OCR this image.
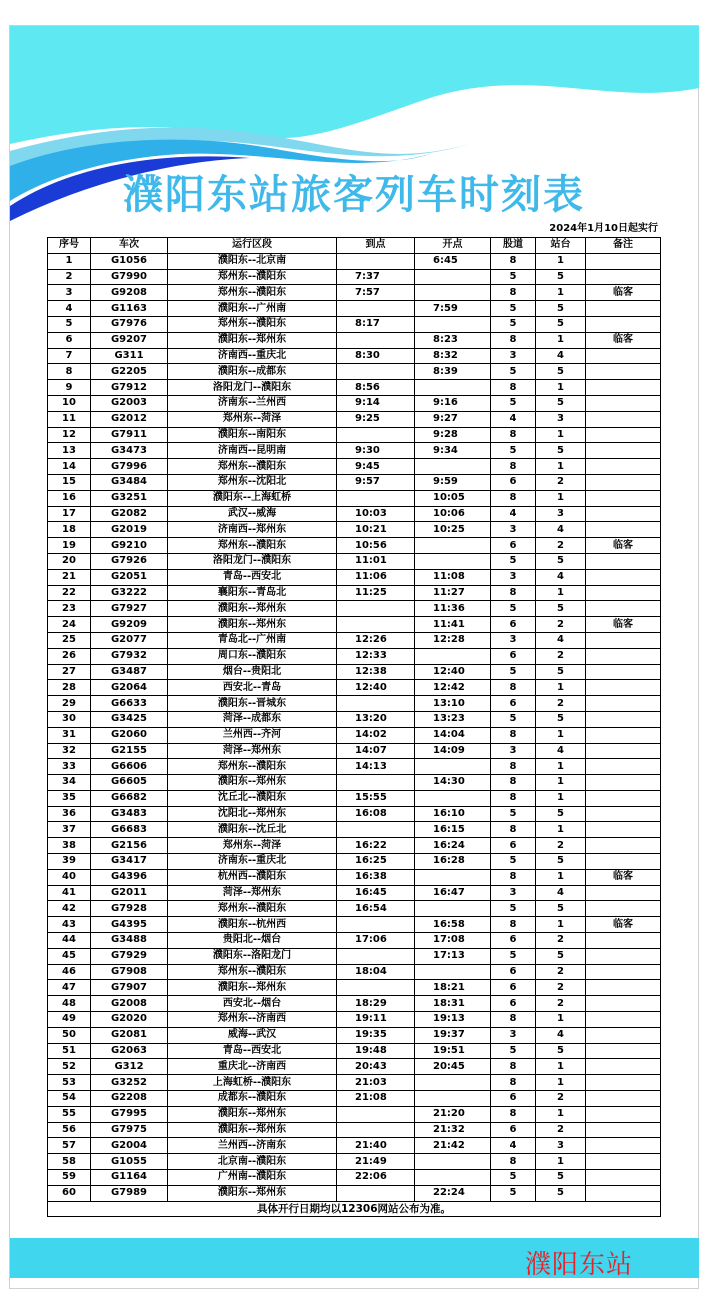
濮阳东站旅客列车时刻表
2024年1月10日起实行
序号	车次	运行区段	到点	开点	股道	站台	备注
1	G1056	濮阳东--北京南		6:45	8	1	
2	G7990	郑州东--濮阳东	7:37		5	5	
3	G9208	郑州东--濮阳东	7:57		8	1	临客
4	G1163	濮阳东--广州南		7:59	5	5	
5	G7976	郑州东--濮阳东	8:17		5	5	
6	G9207	濮阳东--郑州东		8:23	8	1	临客
7	G311	济南西--重庆北	8:30	8:32	3	4	
8	G2205	濮阳东--成都东		8:39	5	5	
9	G7912	洛阳龙门--濮阳东	8:56		8	1	
10	G2003	济南东--兰州西	9:14	9:16	5	5	
11	G2012	郑州东--菏泽	9:25	9:27	4	3	
12	G7911	濮阳东--南阳东		9:28	8	1	
13	G3473	济南西--昆明南	9:30	9:34	5	5	
14	G7996	郑州东--濮阳东	9:45		8	1	
15	G3484	郑州东--沈阳北	9:57	9:59	6	2	
16	G3251	濮阳东--上海虹桥		10:05	8	1	
17	G2082	武汉--威海	10:03	10:06	4	3	
18	G2019	济南西--郑州东	10:21	10:25	3	4	
19	G9210	郑州东--濮阳东	10:56		6	2	临客
20	G7926	洛阳龙门--濮阳东	11:01		5	5	
21	G2051	青岛--西安北	11:06	11:08	3	4	
22	G3222	襄阳东--青岛北	11:25	11:27	8	1	
23	G7927	濮阳东--郑州东		11:36	5	5	
24	G9209	濮阳东--郑州东		11:41	6	2	临客
25	G2077	青岛北--广州南	12:26	12:28	3	4	
26	G7932	周口东--濮阳东	12:33		6	2	
27	G3487	烟台--贵阳北	12:38	12:40	5	5	
28	G2064	西安北--青岛	12:40	12:42	8	1	
29	G6633	濮阳东--晋城东		13:10	6	2	
30	G3425	菏泽--成都东	13:20	13:23	5	5	
31	G2060	兰州西--齐河	14:02	14:04	8	1	
32	G2155	菏泽--郑州东	14:07	14:09	3	4	
33	G6606	郑州东--濮阳东	14:13		8	1	
34	G6605	濮阳东--郑州东		14:30	8	1	
35	G6682	沈丘北--濮阳东	15:55		8	1	
36	G3483	沈阳北--郑州东	16:08	16:10	5	5	
37	G6683	濮阳东--沈丘北		16:15	8	1	
38	G2156	郑州东--菏泽	16:22	16:24	6	2	
39	G3417	济南东--重庆北	16:25	16:28	5	5	
40	G4396	杭州西--濮阳东	16:38		8	1	临客
41	G2011	菏泽--郑州东	16:45	16:47	3	4	
42	G7928	郑州东--濮阳东	16:54		5	5	
43	G4395	濮阳东--杭州西		16:58	8	1	临客
44	G3488	贵阳北--烟台	17:06	17:08	6	2	
45	G7929	濮阳东--洛阳龙门		17:13	5	5	
46	G7908	郑州东--濮阳东	18:04		6	2	
47	G7907	濮阳东--郑州东		18:21	6	2	
48	G2008	西安北--烟台	18:29	18:31	6	2	
49	G2020	郑州东--济南西	19:11	19:13	8	1	
50	G2081	威海--武汉	19:35	19:37	3	4	
51	G2063	青岛--西安北	19:48	19:51	5	5	
52	G312	重庆北--济南西	20:43	20:45	8	1	
53	G3252	上海虹桥--濮阳东	21:03		8	1	
54	G2208	成都东--濮阳东	21:08		6	2	
55	G7995	濮阳东--郑州东		21:20	8	1	
56	G7975	濮阳东--郑州东		21:32	6	2	
57	G2004	兰州西--济南东	21:40	21:42	4	3	
58	G1055	北京南--濮阳东	21:49		8	1	
59	G1164	广州南--濮阳东	22:06		5	5	
60	G7989	濮阳东--郑州东		22:24	5	5	
具体开行日期均以12306网站公布为准。							
濮阳东站
